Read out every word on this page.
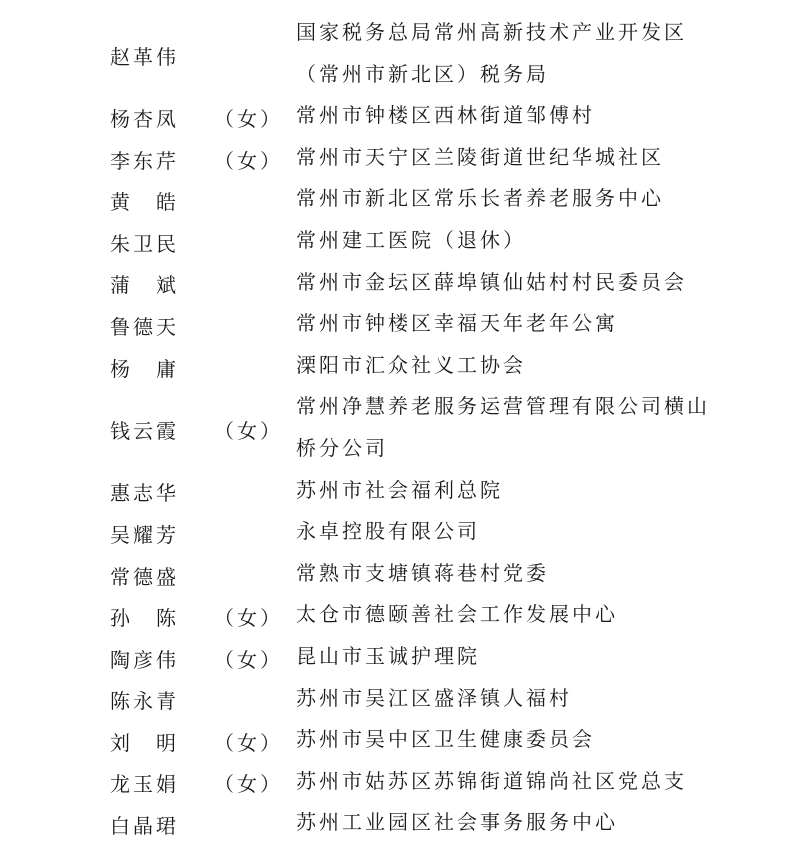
赵革伟
国家税务总局常州高新技术产业开发区（常州市新北区）税务局
杨杏凤 （女） 常州市钟楼区西林街道邹傅村
李东芹 （女） 常州市天宁区兰陵街道世纪华城社区
黄　皓	常州市新北区常乐长者养老服务中心
朱卫民	常州建工医院（退休）
蒲　斌	常州市金坛区薛埠镇仙姑村村民委员会
鲁德天	常州市钟楼区幸福天年老年公寓
杨　庸	溧阳市汇众社义工协会
钱云霞 （女）
常州净慧养老服务运营管理有限公司横山桥分公司
惠志华	苏州市社会福利总院
吴耀芳	永卓控股有限公司
常德盛	常熟市支塘镇蒋巷村党委
孙　陈 （女） 太仓市德颐善社会工作发展中心
陶彦伟 （女） 昆山市玉诚护理院
陈永青	苏州市吴江区盛泽镇人福村
刘　明 （女） 苏州市吴中区卫生健康委员会
龙玉娟 （女） 苏州市姑苏区苏锦街道锦尚社区党总支
白晶珺	苏州工业园区社会事务服务中心
